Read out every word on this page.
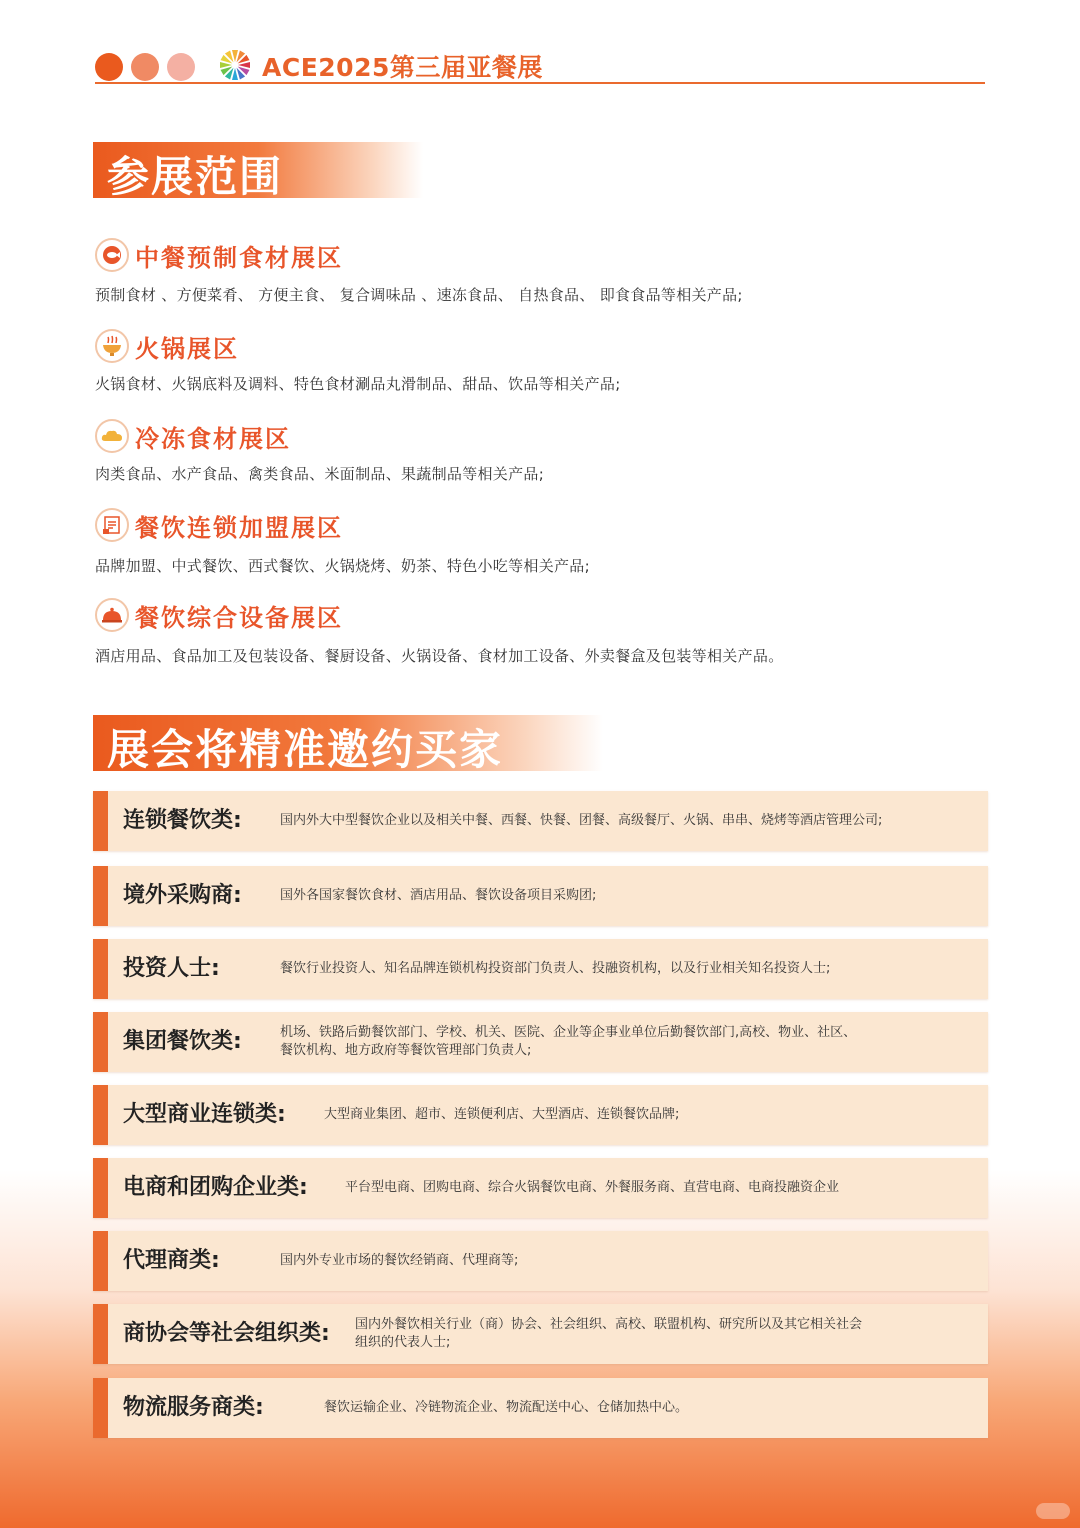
ACE2025第三届亚餐展
参展范围
中餐预制食材展区
预制食材 、方便菜肴、 方便主食、 复合调味品 、速冻食品、 自热食品、 即食食品等相关产品;
火锅展区
火锅食材、火锅底料及调料、特色食材涮品丸滑制品、甜品、饮品等相关产品;
冷冻食材展区
肉类食品、水产食品、禽类食品、米面制品、果蔬制品等相关产品;
餐饮连锁加盟展区
品牌加盟、中式餐饮、西式餐饮、火锅烧烤、奶茶、特色小吃等相关产品;
餐饮综合设备展区
酒店用品、食品加工及包装设备、餐厨设备、火锅设备、食材加工设备、外卖餐盒及包装等相关产品。
展会将精准邀约买家
连锁餐饮类:	国内外大中型餐饮企业以及相关中餐、西餐、快餐、团餐、高级餐厅、火锅、串串、烧烤等酒店管理公司;
境外采购商:	国外各国家餐饮食材、酒店用品、餐饮设备项目采购团;
投资人士:	餐饮行业投资人、知名品牌连锁机构投资部门负责人、投融资机构，以及行业相关知名投资人士;
集团餐饮类:	机场、铁路后勤餐饮部门、学校、机关、医院、企业等企事业单位后勤餐饮部门,高校、物业、社区、
餐饮机构、地方政府等餐饮管理部门负责人;
大型商业连锁类:	大型商业集团、超市、连锁便利店、大型酒店、连锁餐饮品牌;
电商和团购企业类:	平台型电商、团购电商、综合火锅餐饮电商、外餐服务商、直营电商、电商投融资企业
代理商类:	国内外专业市场的餐饮经销商、代理商等;
商协会等社会组织类: 国内外餐饮相关行业（商）协会、社会组织、高校、联盟机构、研究所以及其它相关社会
组织的代表人士;
物流服务商类:	餐饮运输企业、冷链物流企业、物流配送中心、仓储加热中心。
